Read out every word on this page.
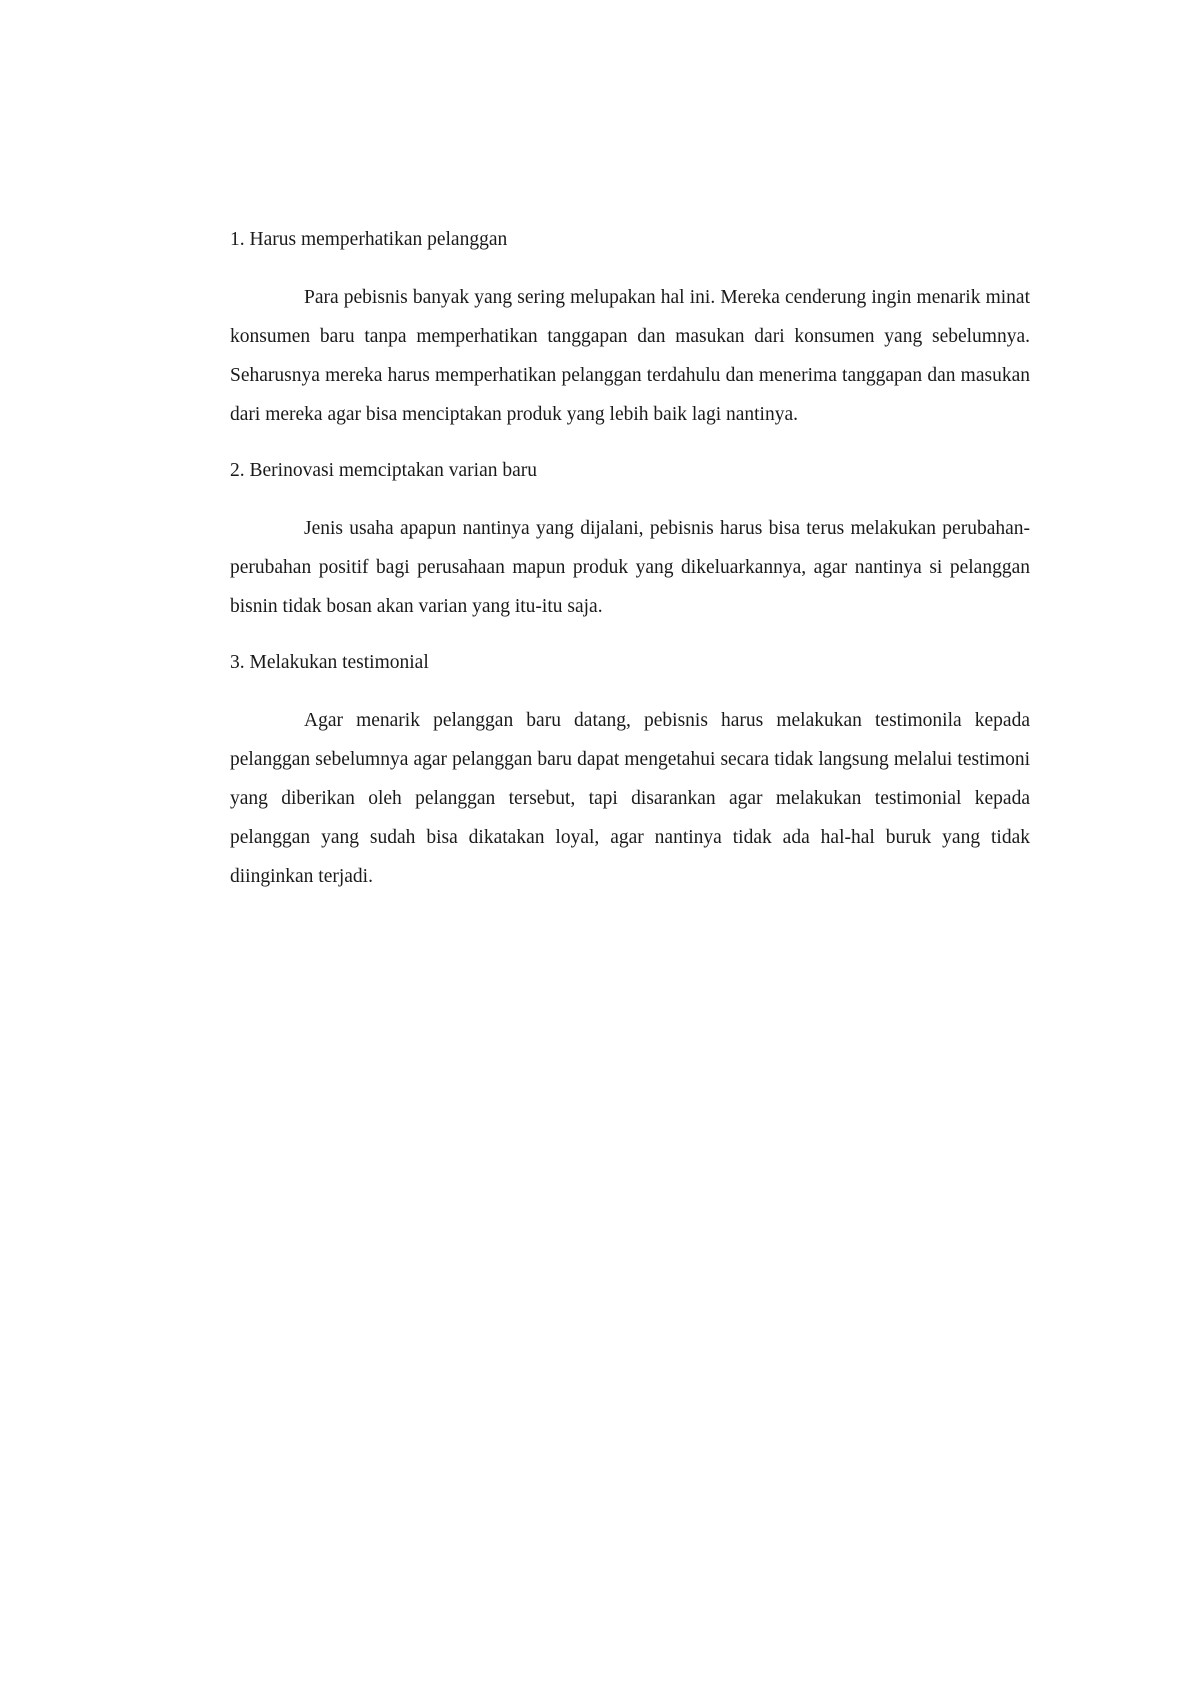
1. Harus memperhatikan pelanggan

Para pebisnis banyak yang sering melupakan hal ini. Mereka cenderung ingin menarik minat konsumen baru tanpa memperhatikan tanggapan dan masukan dari konsumen yang sebelumnya. Seharusnya mereka harus memperhatikan pelanggan terdahulu dan menerima tanggapan dan masukan dari mereka agar bisa menciptakan produk yang lebih baik lagi nantinya.

2. Berinovasi memciptakan varian baru

Jenis usaha apapun nantinya yang dijalani, pebisnis harus bisa terus melakukan perubahan-perubahan positif bagi perusahaan mapun produk yang dikeluarkannya, agar nantinya si pelanggan bisnin tidak bosan akan varian yang itu-itu saja.

3. Melakukan testimonial

Agar menarik pelanggan baru datang, pebisnis harus melakukan testimonila kepada pelanggan sebelumnya agar pelanggan baru dapat mengetahui secara tidak langsung melalui testimoni yang diberikan oleh pelanggan tersebut, tapi disarankan agar melakukan testimonial kepada pelanggan yang sudah bisa dikatakan loyal, agar nantinya tidak ada hal-hal buruk yang tidak diinginkan terjadi.
